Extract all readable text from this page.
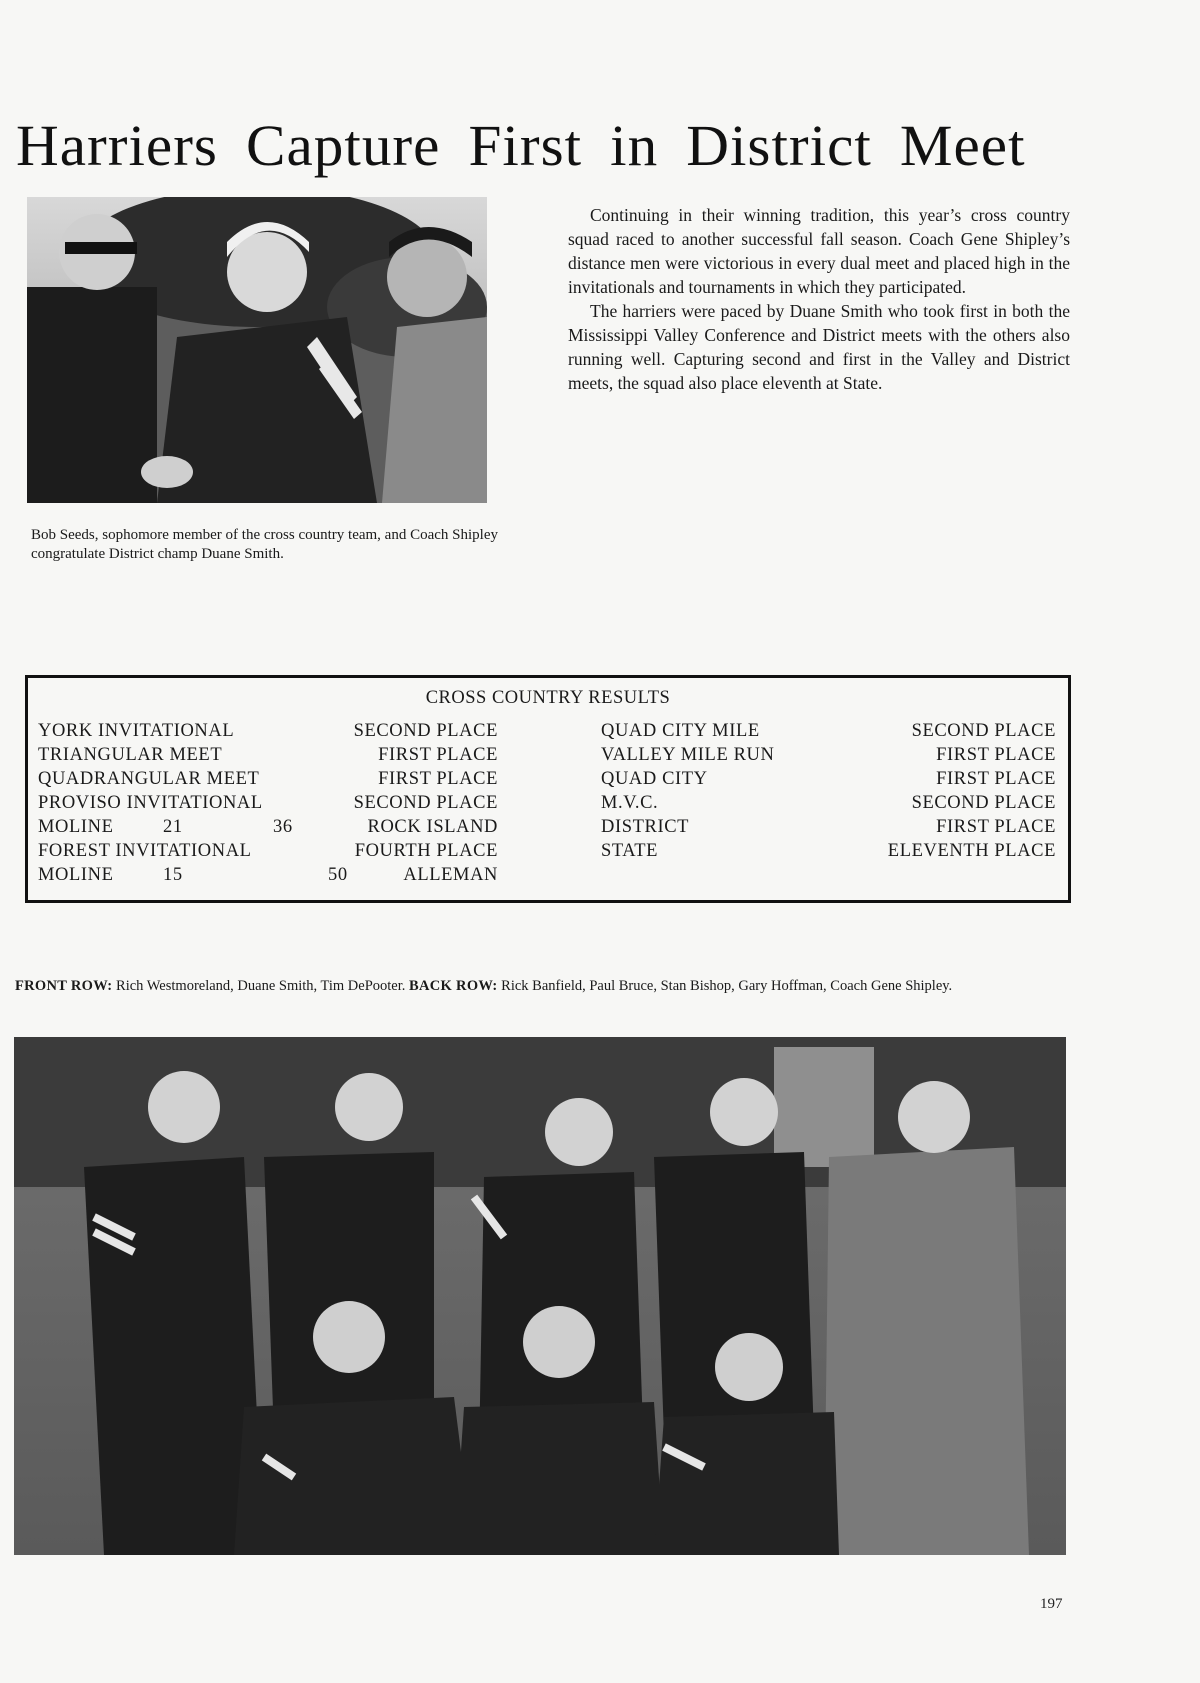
Harriers Capture First in District Meet
Bob Seeds, sophomore member of the cross country team, and Coach Shipley congratulate District champ Duane Smith.

Continuing in their winning tradition, this year’s cross country squad raced to another successful fall season. Coach Gene Shipley’s distance men were victorious in every dual meet and placed high in the invitationals and tournaments in which they participated.

The harriers were paced by Duane Smith who took first in both the Mississippi Valley Conference and District meets with the others also running well. Capturing second and first in the Valley and District meets, the squad also place eleventh at State.

CROSS COUNTRY RESULTS
YORK INVITATIONAL	SECOND PLACE
TRIANGULAR MEET	FIRST PLACE
QUADRANGULAR MEET	FIRST PLACE
PROVISO INVITATIONAL	SECOND PLACE
MOLINE	21	36	ROCK ISLAND
FOREST INVITATIONAL	FOURTH PLACE
MOLINE	15	50	ALLEMAN
QUAD CITY MILE	SECOND PLACE
VALLEY MILE RUN	FIRST PLACE
QUAD CITY	FIRST PLACE
M.V.C.	SECOND PLACE
DISTRICT	FIRST PLACE
STATE	ELEVENTH PLACE
FRONT ROW: Rich Westmoreland, Duane Smith, Tim DePooter. BACK ROW: Rick Banfield, Paul Bruce, Stan Bishop, Gary Hoffman, Coach Gene Shipley.
197
